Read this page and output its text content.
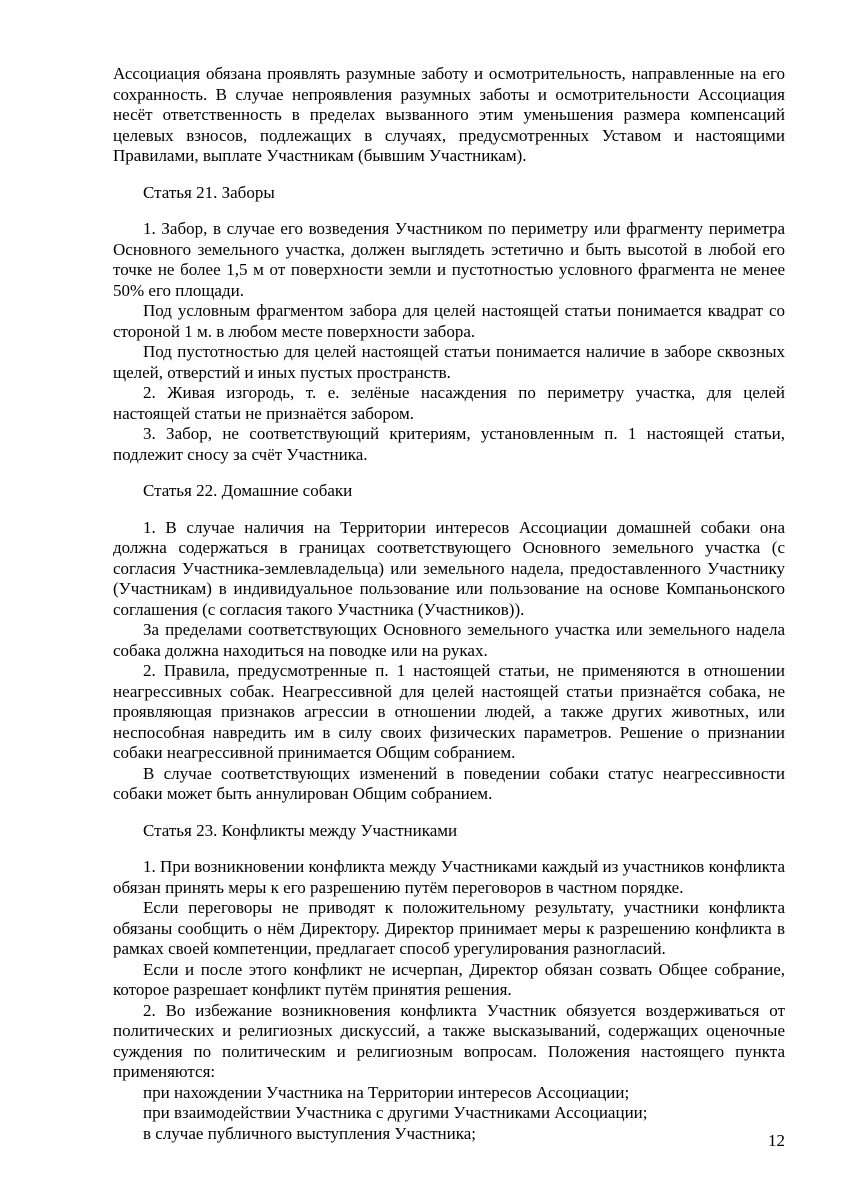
Ассоциация обязана проявлять разумные заботу и осмотрительность, направленные на его сохранность. В случае непроявления разумных заботы и осмотрительности Ассоциация несёт ответственность в пределах вызванного этим уменьшения размера компенсаций целевых взносов, подлежащих в случаях, предусмотренных Уставом и настоящими Правилами, выплате Участникам (бывшим Участникам).
Статья 21. Заборы
1. Забор, в случае его возведения Участником по периметру или фрагменту периметра Основного земельного участка, должен выглядеть эстетично и быть высотой в любой его точке не более 1,5 м от поверхности земли и пустотностью условного фрагмента не менее 50% его площади.
Под условным фрагментом забора для целей настоящей статьи понимается квадрат со стороной 1 м. в любом месте поверхности забора.
Под пустотностью для целей настоящей статьи понимается наличие в заборе сквозных щелей, отверстий и иных пустых пространств.
2. Живая изгородь, т. е. зелёные насаждения по периметру участка, для целей настоящей статьи не признаётся забором.
3. Забор, не соответствующий критериям, установленным п. 1 настоящей статьи, подлежит сносу за счёт Участника.
Статья 22. Домашние собаки
1. В случае наличия на Территории интересов Ассоциации домашней собаки она должна содержаться в границах соответствующего Основного земельного участка (с согласия Участника-землевладельца) или земельного надела, предоставленного Участнику (Участникам) в индивидуальное пользование или пользование на основе Компаньонского соглашения (с согласия такого Участника (Участников)).
За пределами соответствующих Основного земельного участка или земельного надела собака должна находиться на поводке или на руках.
2. Правила, предусмотренные п. 1 настоящей статьи, не применяются в отношении неагрессивных собак. Неагрессивной для целей настоящей статьи признаётся собака, не проявляющая признаков агрессии в отношении людей, а также других животных, или неспособная навредить им в силу своих физических параметров. Решение о признании собаки неагрессивной принимается Общим собранием.
В случае соответствующих изменений в поведении собаки статус неагрессивности собаки может быть аннулирован Общим собранием.
Статья 23. Конфликты между Участниками
1. При возникновении конфликта между Участниками каждый из участников конфликта обязан принять меры к его разрешению путём переговоров в частном порядке.
Если переговоры не приводят к положительному результату, участники конфликта обязаны сообщить о нём Директору. Директор принимает меры к разрешению конфликта в рамках своей компетенции, предлагает способ урегулирования разногласий.
Если и после этого конфликт не исчерпан, Директор обязан созвать Общее собрание, которое разрешает конфликт путём принятия решения.
2. Во избежание возникновения конфликта Участник обязуется воздерживаться от политических и религиозных дискуссий, а также высказываний, содержащих оценочные суждения по политическим и религиозным вопросам. Положения настоящего пункта применяются:
при нахождении Участника на Территории интересов Ассоциации;
при взаимодействии Участника с другими Участниками Ассоциации;
в случае публичного выступления Участника;	12
